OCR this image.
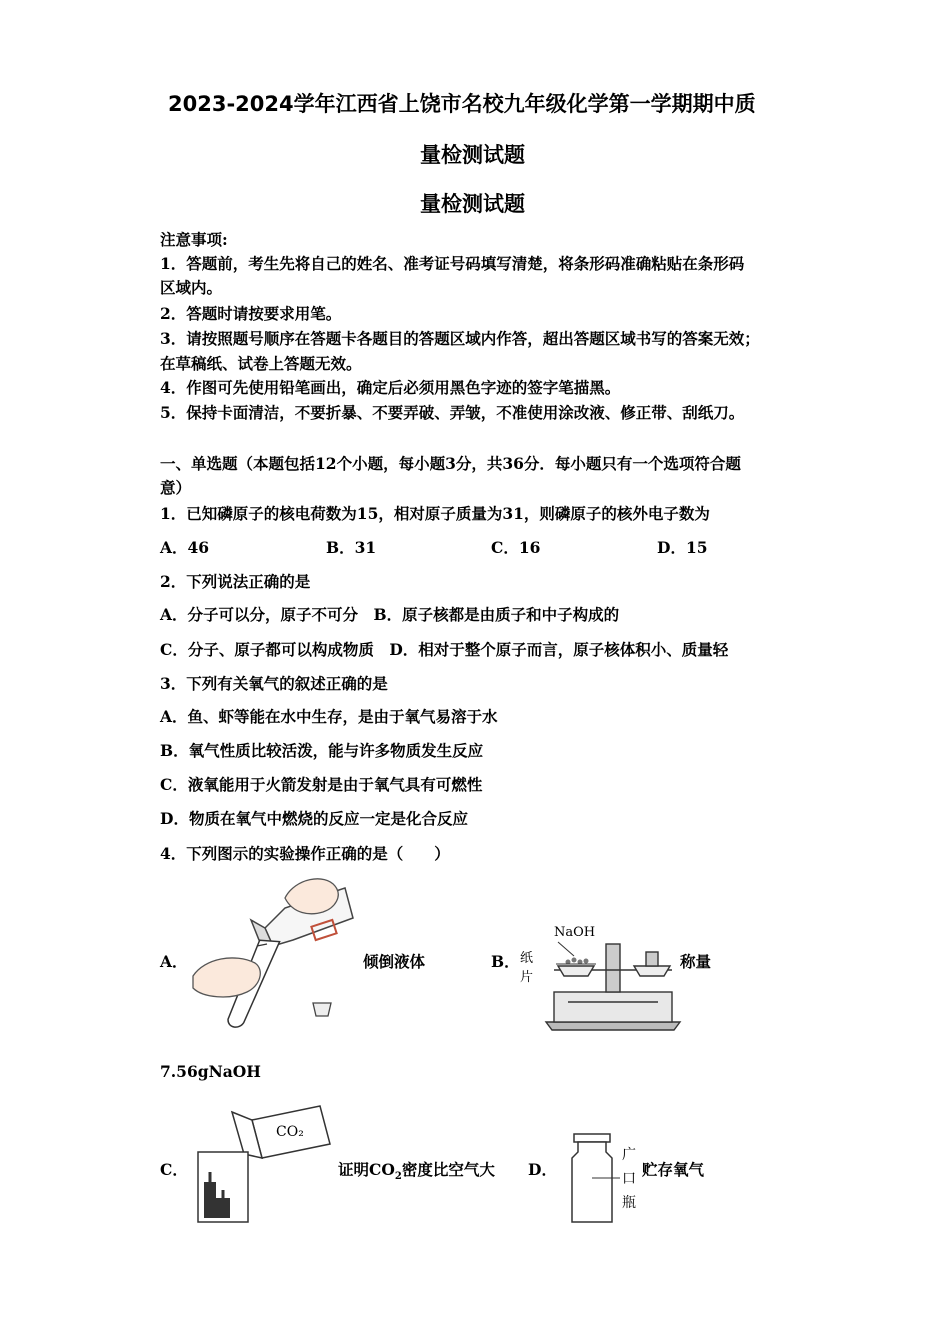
2023-2024学年江西省上饶市名校九年级化学第一学期期中质
量检测试题
量检测试题
注意事项:
1．答题前，考生先将自己的姓名、准考证号码填写清楚，将条形码准确粘贴在条形码
区域内。
2．答题时请按要求用笔。
3．请按照题号顺序在答题卡各题目的答题区域内作答，超出答题区域书写的答案无效；
在草稿纸、试卷上答题无效。
4．作图可先使用铅笔画出，确定后必须用黑色字迹的签字笔描黑。
5．保持卡面清洁，不要折暴、不要弄破、弄皱，不准使用涂改液、修正带、刮纸刀。
一、单选题（本题包括12个小题，每小题3分，共36分．每小题只有一个选项符合题
意）
1．已知磷原子的核电荷数为15，相对原子质量为31，则磷原子的核外电子数为
A．46	B．31	C．16	D．15
2．下列说法正确的是
A．分子可以分，原子不可分　B．原子核都是由质子和中子构成的
C．分子、原子都可以构成物质　D．相对于整个原子而言，原子核体积小、质量轻
3．下列有关氧气的叙述正确的是
A．鱼、虾等能在水中生存，是由于氧气易溶于水
B．氧气性质比较活泼，能与许多物质发生反应
C．液氧能用于火箭发射是由于氧气具有可燃性
D．物质在氧气中燃烧的反应一定是化合反应
4．下列图示的实验操作正确的是（　　）
A．	倾倒液体	B．
NaOH
纸
片
称量
7.56gNaOH
C．
CO₂
证明$CO_2$密度比空气大 D．
广
口
瓶
贮存氧气
